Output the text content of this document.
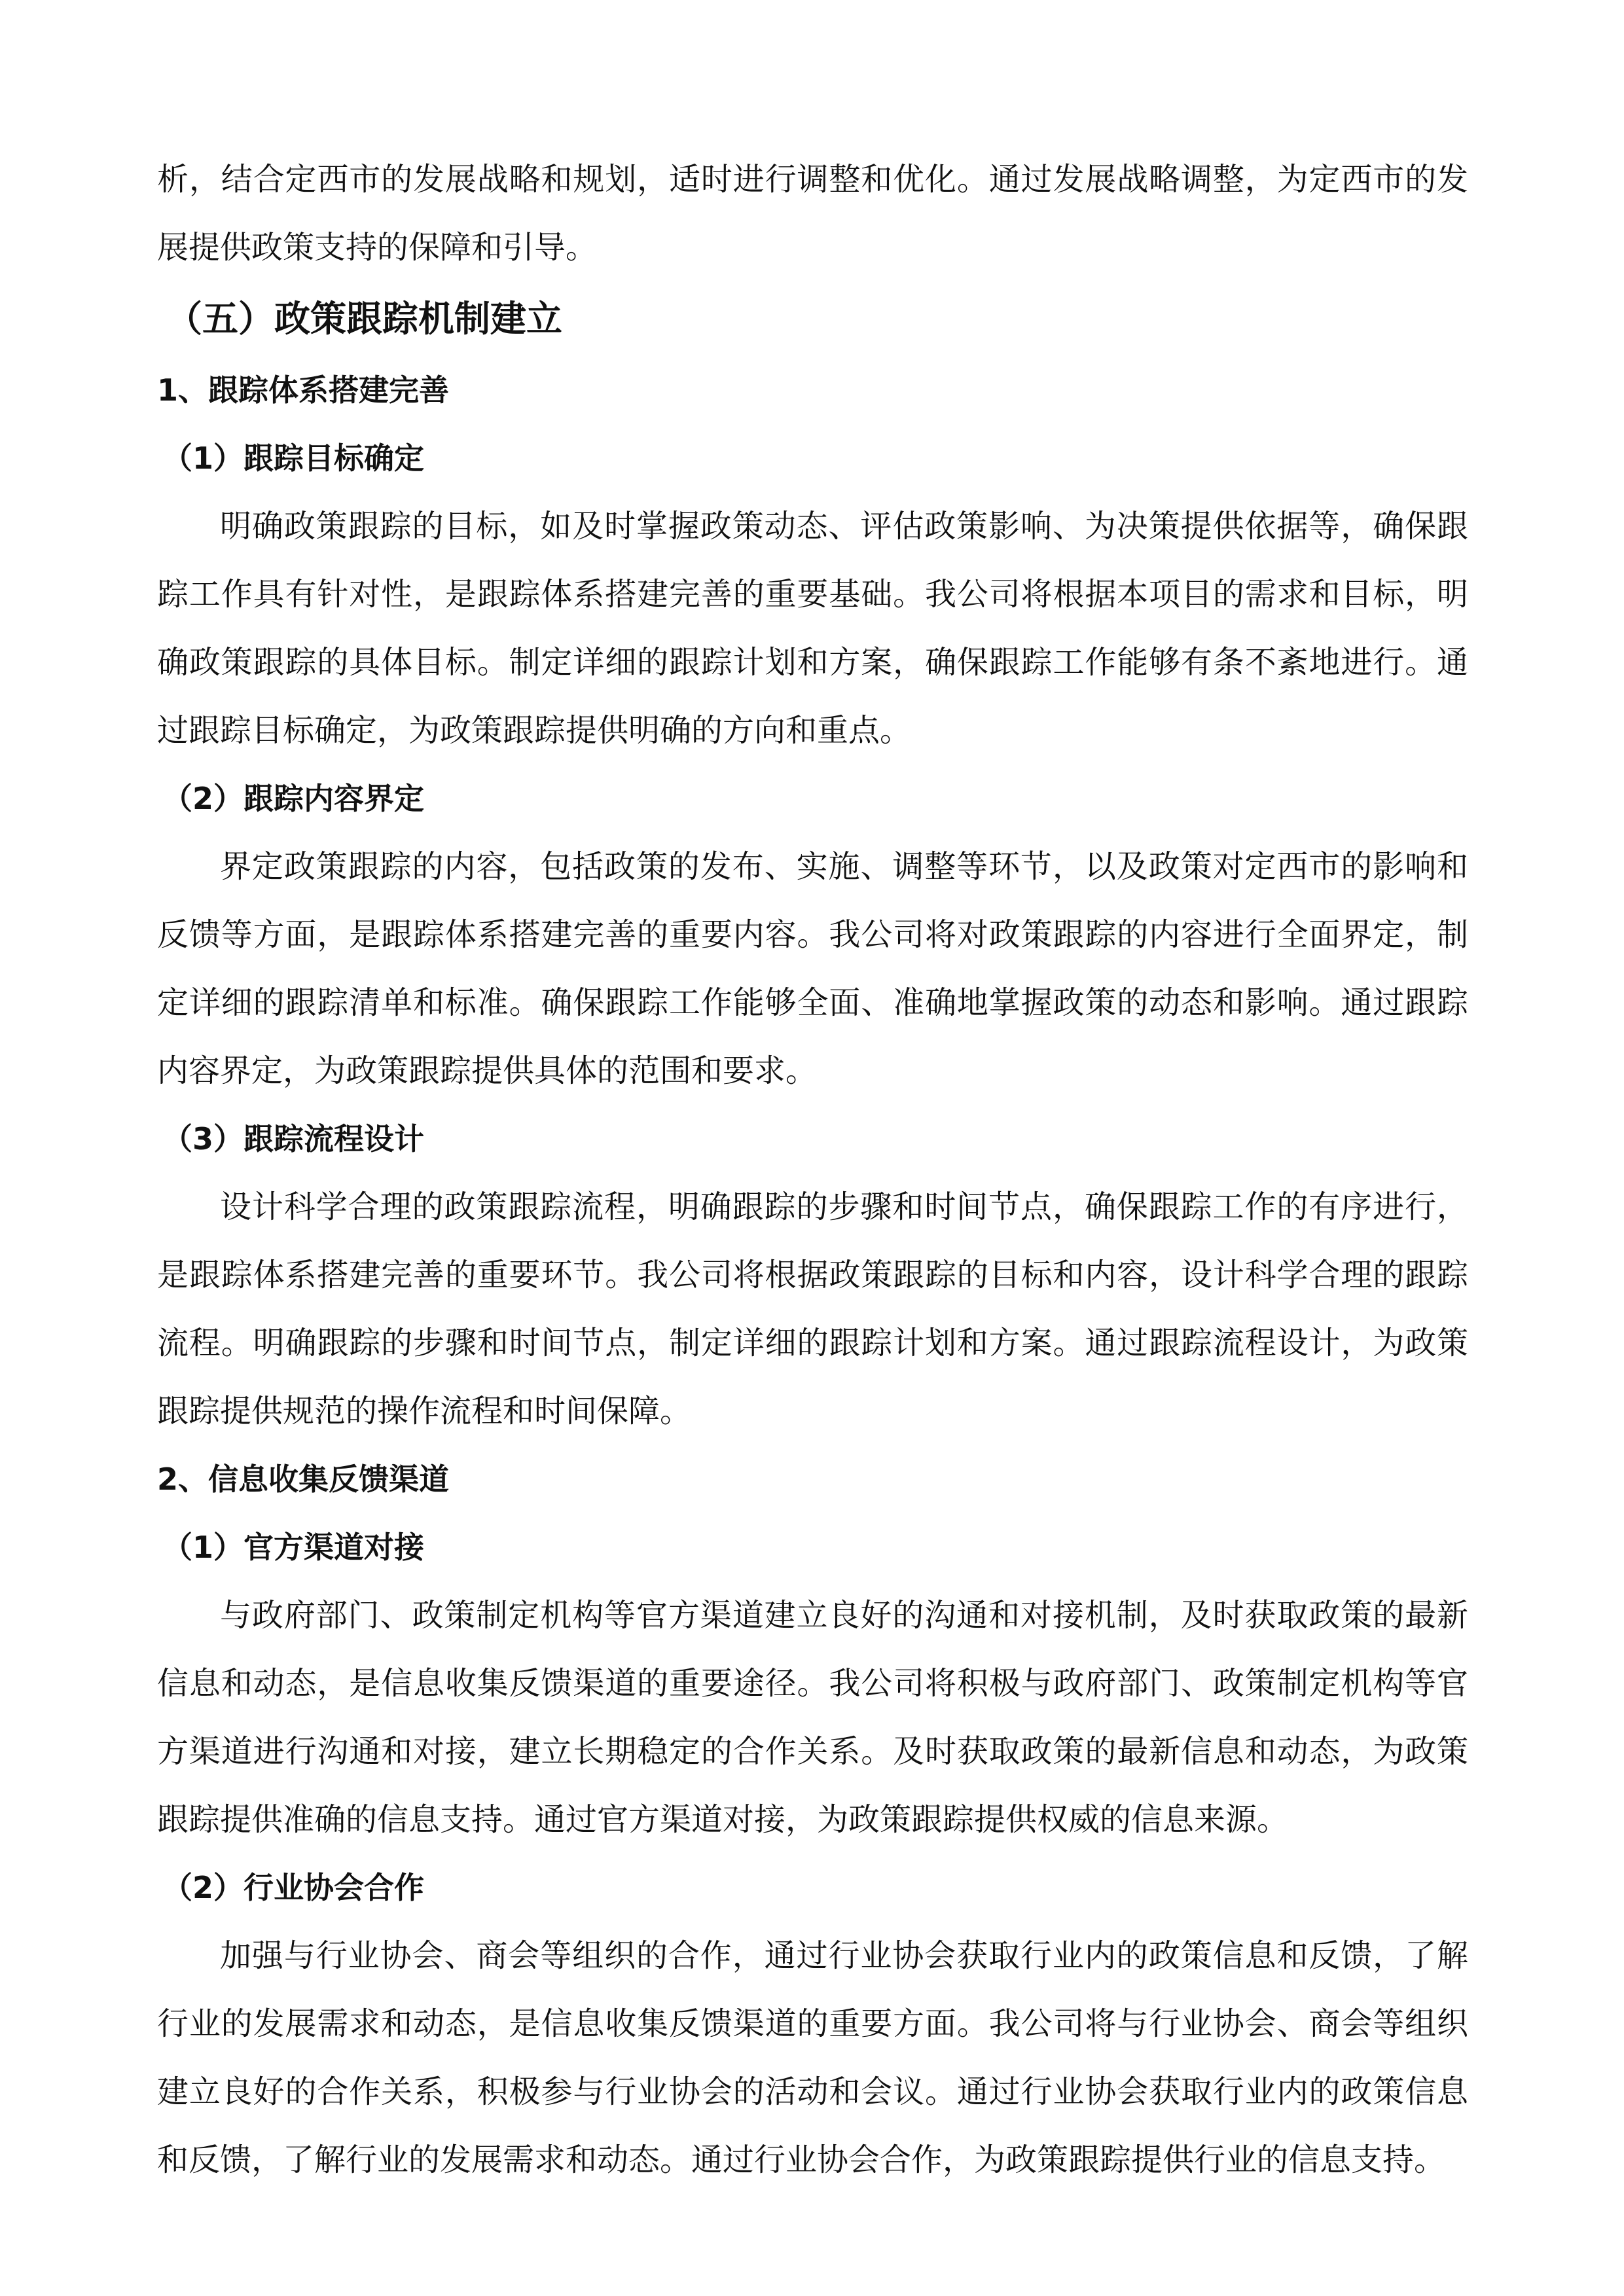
析，结合定西市的发展战略和规划，适时进行调整和优化。通过发展战略调整，为定西市的发展提供政策支持的保障和引导。

（五）政策跟踪机制建立
1、跟踪体系搭建完善
（1）跟踪目标确定

明确政策跟踪的目标，如及时掌握政策动态、评估政策影响、为决策提供依据等，确保跟踪工作具有针对性，是跟踪体系搭建完善的重要基础。我公司将根据本项目的需求和目标，明确政策跟踪的具体目标。制定详细的跟踪计划和方案，确保跟踪工作能够有条不紊地进行。通过跟踪目标确定，为政策跟踪提供明确的方向和重点。

（2）跟踪内容界定

界定政策跟踪的内容，包括政策的发布、实施、调整等环节，以及政策对定西市的影响和反馈等方面，是跟踪体系搭建完善的重要内容。我公司将对政策跟踪的内容进行全面界定，制定详细的跟踪清单和标准。确保跟踪工作能够全面、准确地掌握政策的动态和影响。通过跟踪内容界定，为政策跟踪提供具体的范围和要求。

（3）跟踪流程设计

设计科学合理的政策跟踪流程，明确跟踪的步骤和时间节点，确保跟踪工作的有序进行，是跟踪体系搭建完善的重要环节。我公司将根据政策跟踪的目标和内容，设计科学合理的跟踪流程。明确跟踪的步骤和时间节点，制定详细的跟踪计划和方案。通过跟踪流程设计，为政策跟踪提供规范的操作流程和时间保障。

2、信息收集反馈渠道
（1）官方渠道对接

与政府部门、政策制定机构等官方渠道建立良好的沟通和对接机制，及时获取政策的最新信息和动态，是信息收集反馈渠道的重要途径。我公司将积极与政府部门、政策制定机构等官方渠道进行沟通和对接，建立长期稳定的合作关系。及时获取政策的最新信息和动态，为政策跟踪提供准确的信息支持。通过官方渠道对接，为政策跟踪提供权威的信息来源。

（2）行业协会合作

加强与行业协会、商会等组织的合作，通过行业协会获取行业内的政策信息和反馈，了解行业的发展需求和动态，是信息收集反馈渠道的重要方面。我公司将与行业协会、商会等组织建立良好的合作关系，积极参与行业协会的活动和会议。通过行业协会获取行业内的政策信息和反馈，了解行业的发展需求和动态。通过行业协会合作，为政策跟踪提供行业的信息支持。
